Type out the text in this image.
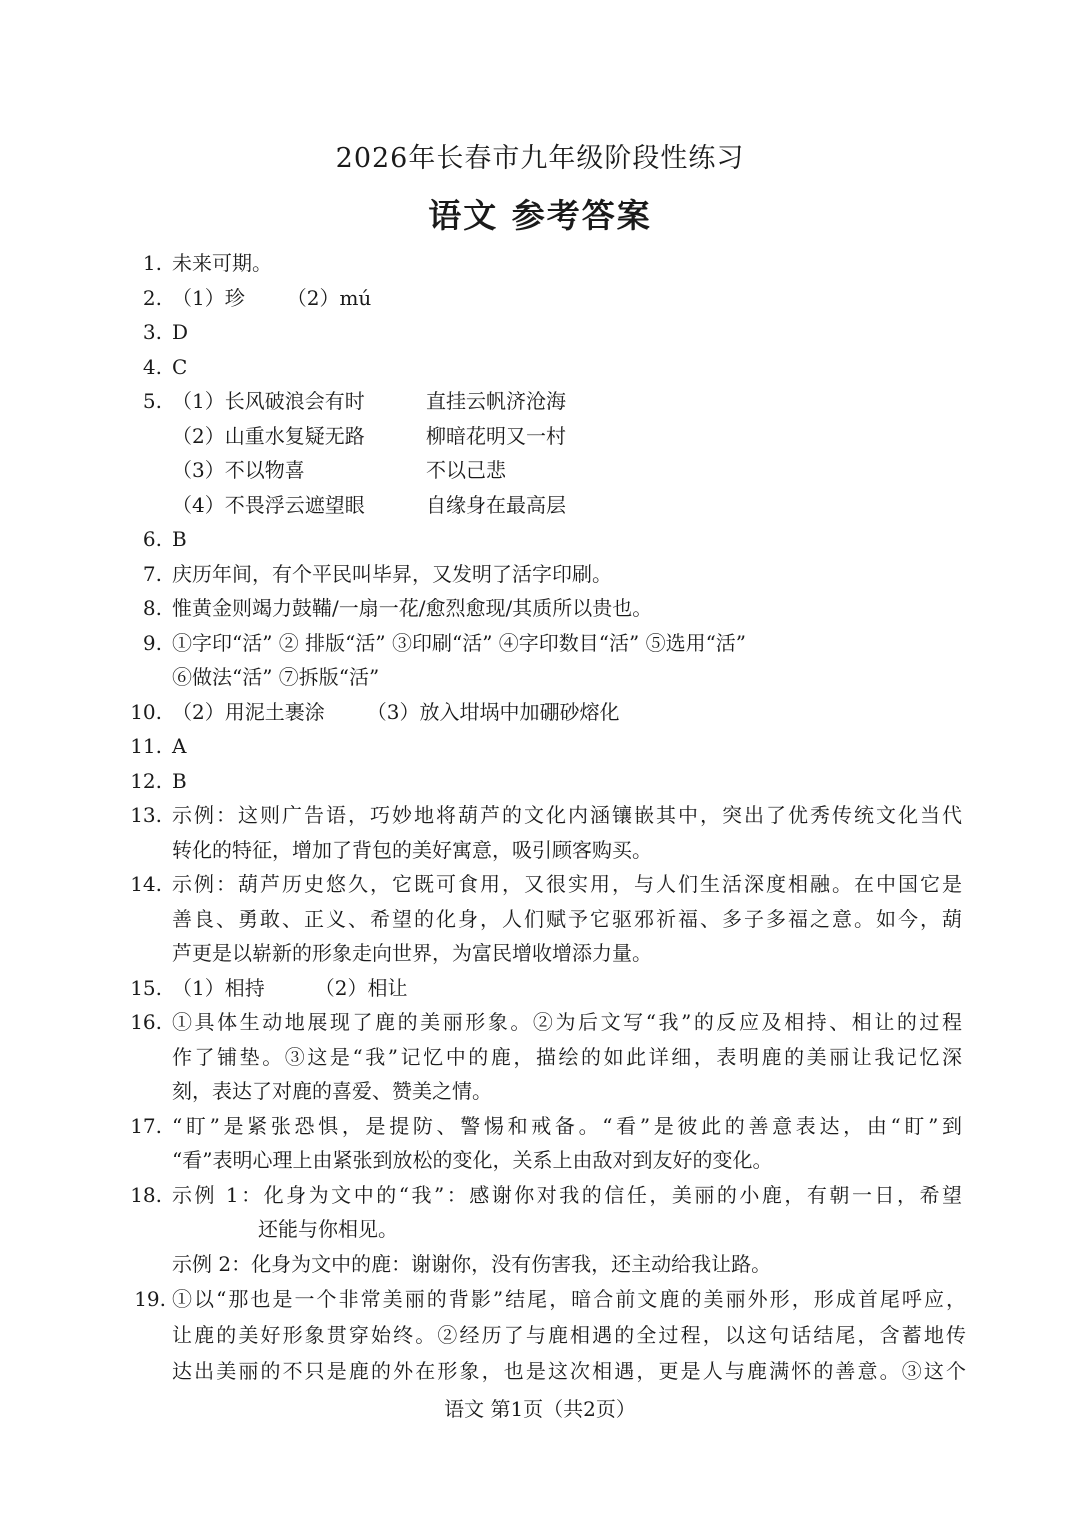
2026年长春市九年级阶段性练习
语文 参考答案
1. 未来可期。
2. （1）珍 （2）mú
3. D
4. C
5. （1）长风破浪会有时	直挂云帆济沧海
（2）山重水复疑无路	柳暗花明又一村
（3）不以物喜	不以己悲
（4）不畏浮云遮望眼	自缘身在最高层
6. B
7. 庆历年间，有个平民叫毕昇，又发明了活字印刷。
8. 惟黄金则竭力鼓鞴/一扇一花/愈烈愈现/其质所以贵也。
9. ①字印“活” ② 排版“活” ③印刷“活” ④字印数目“活” ⑤选用“活”
⑥做法“活” ⑦拆版“活”
10. （2）用泥土裹涂 （3）放入坩埚中加硼砂熔化
11. A
12. B
13. 示例：这则广告语，巧妙地将葫芦的文化内涵镶嵌其中，突出了优秀传统文化当代
转化的特征，增加了背包的美好寓意，吸引顾客购买。
14. 示例：葫芦历史悠久，它既可食用，又很实用，与人们生活深度相融。在中国它是
善良、勇敢、正义、希望的化身，人们赋予它驱邪祈福、多子多福之意。如今，葫
芦更是以崭新的形象走向世界，为富民增收增添力量。
15. （1）相持	（2）相让
16. ①具体生动地展现了鹿的美丽形象。②为后文写“我”的反应及相持、相让的过程
作了铺垫。③这是“我”记忆中的鹿，描绘的如此详细，表明鹿的美丽让我记忆深
刻，表达了对鹿的喜爱、赞美之情。
17. “盯”是紧张恐惧，是提防、警惕和戒备。“看”是彼此的善意表达，由“盯”到
“看”表明心理上由紧张到放松的变化，关系上由敌对到友好的变化。
18. 示例 1：化身为文中的“我”：感谢你对我的信任，美丽的小鹿，有朝一日，希望
还能与你相见。
示例 2：化身为文中的鹿：谢谢你，没有伤害我，还主动给我让路。
19. ①以“那也是一个非常美丽的背影”结尾，暗合前文鹿的美丽外形，形成首尾呼应，
让鹿的美好形象贯穿始终。②经历了与鹿相遇的全过程，以这句话结尾，含蓄地传
达出美丽的不只是鹿的外在形象，也是这次相遇，更是人与鹿满怀的善意。③这个
语文 第1页（共2页）
